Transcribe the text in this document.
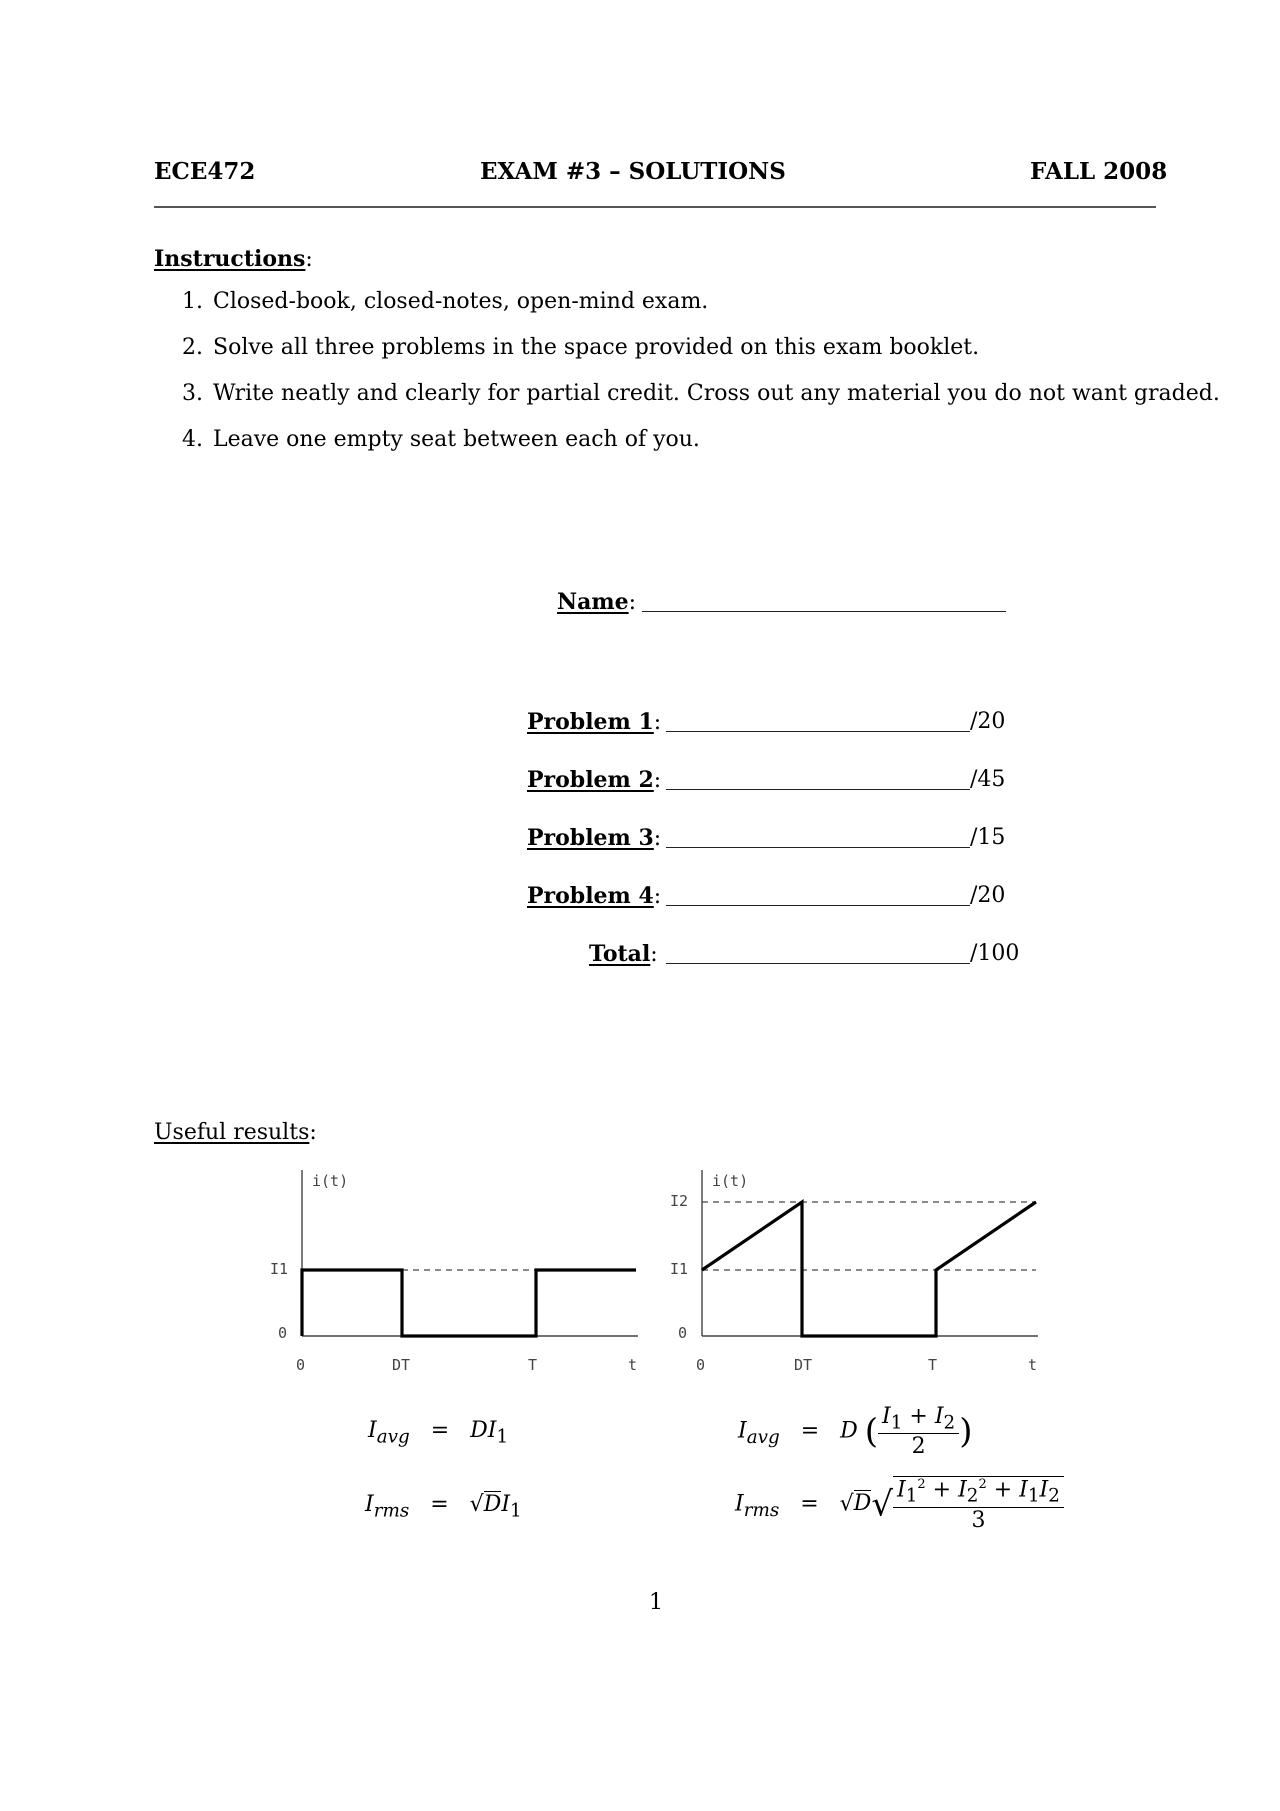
ECE472	EXAM #3 – SOLUTIONS	FALL 2008
Instructions:
1. Closed-book, closed-notes, open-mind exam.
2. Solve all three problems in the space provided on this exam booklet.
3. Write neatly and clearly for partial credit. Cross out any material you do not want graded.
4. Leave one empty seat between each of you.
Name:
Problem 1:	/20
Problem 2:	/45
Problem 3:	/15
Problem 4:	/20
Total:	/100
Useful results:
i(t)
I1
0
0	DT	T	t
i(t)
I2
I1
0
0	DT	T	t
$I_{avg} = DI_1$
$I_{rms} = √DI_1$
$I_{avg} = D$ ( $\frac{I_1 + I_2}{2}$ )
$I_{rms} = √D√ \frac{I_1^2 + I_2^2 + I_1I_2}{3}$
1
